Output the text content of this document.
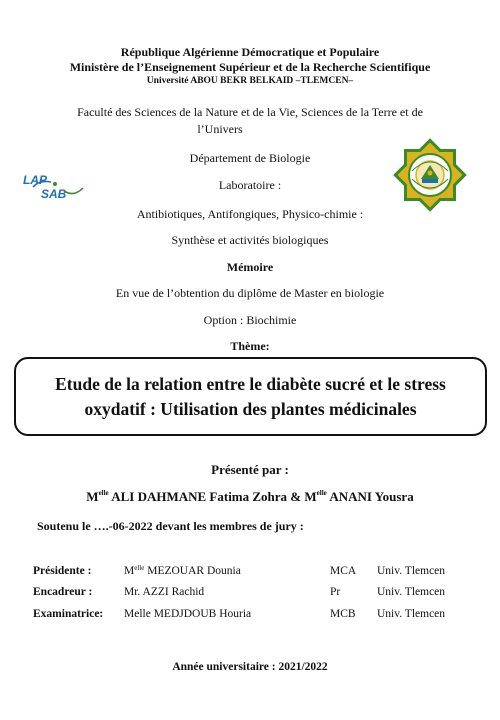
République Algérienne Démocratique et Populaire
Ministère de l’Enseignement Supérieur et de la Recherche Scientifique
Université ABOU BEKR BELKAID –TLEMCEN–
Faculté des Sciences de la Nature et de la Vie, Sciences de la Terre et de
l’Univers
Département de Biologie
Laboratoire :
Antibiotiques, Antifongiques, Physico-chimie :
Synthèse et activités biologiques
Mémoire
En vue de l’obtention du diplôme de Master en biologie
Option : Biochimie
Thème:
Etude de la relation entre le diabète sucré et le stress oxydatif : Utilisation des plantes médicinales
Présenté par :
$M^{elle}$ ALI DAHMANE Fatima Zohra & $M^{elle}$ ANANI Yousra
Soutenu le ….-06-2022 devant les membres de jury :
Présidente :	$M^{elle}$ MEZOUAR Dounia	MCA Univ. Tlemcen
Encadreur :	Mr. AZZI Rachid	Pr	Univ. Tlemcen
Examinatrice: Melle MEDJDOUB Houria	MCB Univ. Tlemcen
Année universitaire : 2021/2022
LAP
SAB
